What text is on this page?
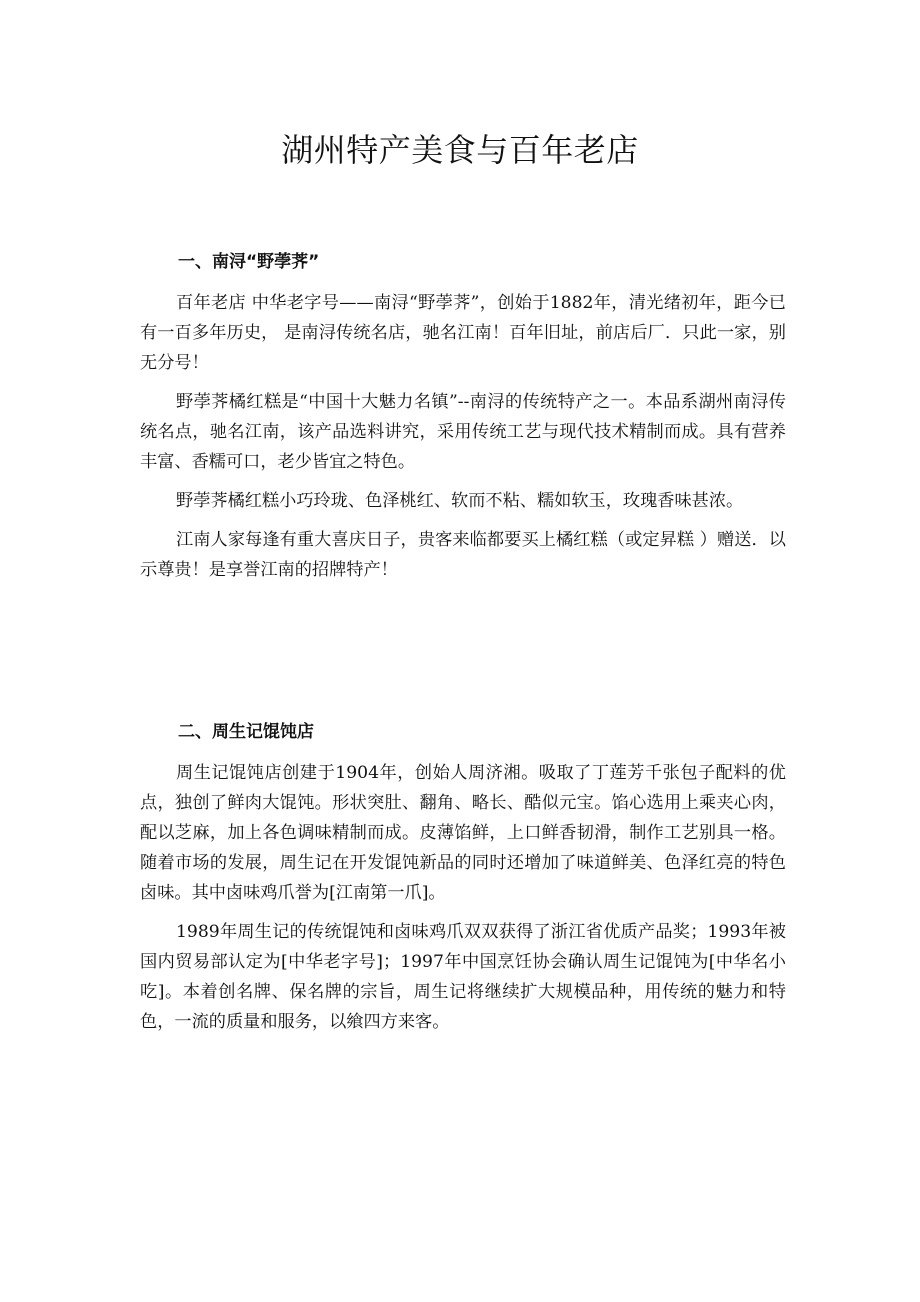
湖州特产美食与百年老店
一、南浔“野荸荠”

百年老店 中华老字号——南浔“野荸荠”，创始于1882年，清光绪初年，距今已有一百多年历史， 是南浔传统名店，驰名江南！百年旧址，前店后厂．只此一家，别无分号！

野荸荠橘红糕是“中国十大魅力名镇”--南浔的传统特产之一。本品系湖州南浔传统名点，驰名江南，该产品选料讲究，采用传统工艺与现代技术精制而成。具有营养丰富、香糯可口，老少皆宜之特色。

野荸荠橘红糕小巧玲珑、色泽桃红、软而不粘、糯如软玉，玫瑰香味甚浓。

江南人家每逢有重大喜庆日子，贵客来临都要买上橘红糕（或定昇糕 ）赠送．以示尊贵！是享誉江南的招牌特产！

二、周生记馄饨店

周生记馄饨店创建于1904年，创始人周济湘。吸取了丁莲芳千张包子配料的优点，独创了鲜肉大馄饨。形状突肚、翻角、略长、酷似元宝。馅心选用上乘夹心肉，配以芝麻，加上各色调味精制而成。皮薄馅鲜，上口鲜香韧滑，制作工艺别具一格。随着市场的发展，周生记在开发馄饨新品的同时还增加了味道鲜美、色泽红亮的特色卤味。其中卤味鸡爪誉为[江南第一爪]。

1989年周生记的传统馄饨和卤味鸡爪双双获得了浙江省优质产品奖；1993年被国内贸易部认定为[中华老字号]；1997年中国烹饪协会确认周生记馄饨为[中华名小吃]。本着创名牌、保名牌的宗旨，周生记将继续扩大规模品种，用传统的魅力和特色，一流的质量和服务，以飨四方来客。
